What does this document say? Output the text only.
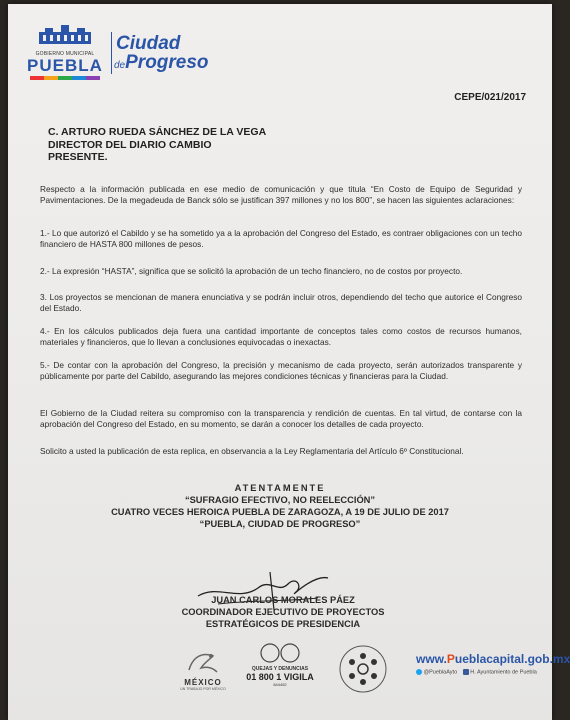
GOBIERNO MUNICIPAL
PUEBLA
Ciudad
deProgreso
CEPE/021/2017
C. ARTURO RUEDA SÁNCHEZ DE LA VEGA
DIRECTOR DEL DIARIO CAMBIO
PRESENTE.
Respecto a la información publicada en ese medio de comunicación y que titula “En Costo de Equipo de Seguridad y Pavimentaciones. De la megadeuda de Banck sólo se justifican 397 millones y no los 800”, se hacen las siguientes aclaraciones:
1.- Lo que autorizó el Cabildo y se ha sometido ya a la aprobación del Congreso del Estado, es contraer obligaciones con un techo financiero de HASTA 800 millones de pesos.
2.- La expresión “HASTA”, significa que se solicitó la aprobación de un techo financiero, no de costos por proyecto.
3. Los proyectos se mencionan de manera enunciativa y se podrán incluir otros, dependiendo del techo que autorice el Congreso del Estado.
4.- En los cálculos publicados deja fuera una cantidad importante de conceptos tales como costos de recursos humanos, materiales y financieros, que lo llevan a conclusiones equivocadas o inexactas.
5.- De contar con la aprobación del Congreso, la precisión y mecanismo de cada proyecto, serán autorizados transparente y públicamente por parte del Cabildo, asegurando las mejores condiciones técnicas y financieras para la Ciudad.
El Gobierno de la Ciudad reitera su compromiso con la transparencia y rendición de cuentas. En tal virtud, de contarse con la aprobación del Congreso del Estado, en su momento, se darán a conocer los detalles de cada proyecto.
Solicito a usted la publicación de esta replica, en observancia a la Ley Reglamentaria del Artículo 6º Constitucional.
ATENTAMENTE
“SUFRAGIO EFECTIVO, NO REELECCIÓN”
CUATRO VECES HEROICA PUEBLA DE ZARAGOZA, A 19 DE JULIO DE 2017
“PUEBLA, CIUDAD DE PROGRESO”
JUAN CARLOS MORALES PÁEZ
COORDINADOR EJECUTIVO DE PROYECTOS
ESTRATÉGICOS DE PRESIDENCIA
MÉXICO
UN TRABAJO POR MÉXICO
QUEJAS Y DENUNCIAS
01 800 1 VIGILA
844452
www.Pueblacapital.gob.mx
@PueblaAyto H. Ayuntamiento de Puebla
